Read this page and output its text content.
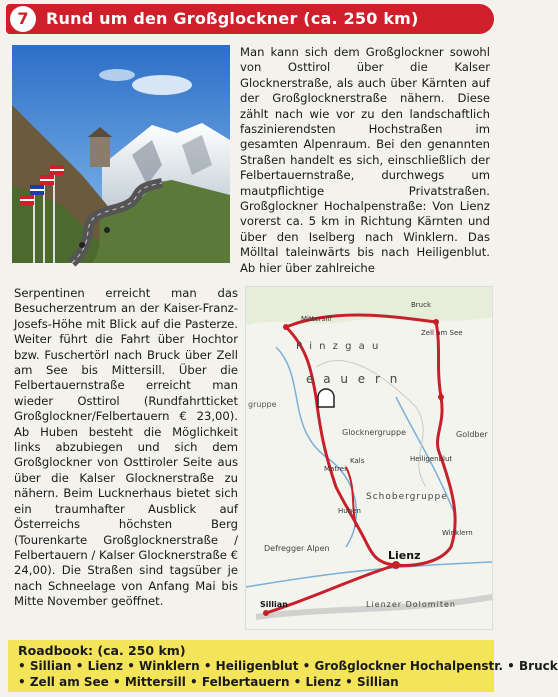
7	Rund um den Großglockner (ca. 250 km)
Man kann sich dem Großglockner sowohl von Osttirol über die Kalser Glocknerstraße, als auch über Kärnten auf der Großglocknerstraße nähern. Diese zählt nach wie vor zu den landschaftlich faszinierendsten Hochstraßen im gesamten Alpenraum. Bei den genannten Straßen handelt es sich, einschließlich der Felbertauernstraße, durchwegs um mautpflichtige Privatstraßen. Großglockner Hochalpenstraße: Von Lienz vorerst ca. 5 km in Richtung Kärnten und über den Iselberg nach Winklern. Das Mölltal taleinwärts bis nach Heiligenblut. Ab hier über zahlreiche
Serpentinen erreicht man das Besucherzentrum an der Kaiser-Franz-Josefs-Höhe mit Blick auf die Pasterze. Weiter führt die Fahrt über Hochtor bzw. Fuschertörl nach Bruck über Zell am See bis Mittersill. Über die Felbertauernstraße erreicht man wieder Osttirol (Rundfahrtticket Großglockner/Felbertauern € 23,00). Ab Huben besteht die Möglichkeit links abzubiegen und sich dem Großglockner von Osttiroler Seite aus über die Kalser Glocknerstraße zu nähern. Beim Lucknerhaus bietet sich ein traumhafter Ausblick auf Österreichs höchsten Berg (Tourenkarte Großglocknerstraße / Felbertauern / Kalser Glocknerstraße € 24,00). Die Straßen sind tagsüber je nach Schneelage von Anfang Mai bis Mitte November geöffnet.
Mittersill
Bruck
Zell am See
P i n z g a u
e a u e r n
gruppe
Glocknergruppe	Goldber
Heiligenblut
Matrei
Kals
Huben
Schobergruppe
Winklern
Defregger Alpen
Lienz
Sillian	Lienzer Dolomiten
Roadbook: (ca. 250 km)
• Sillian • Lienz • Winklern • Heiligenblut • Großglockner Hochalpenstr. • Bruck
• Zell am See • Mittersill • Felbertauern • Lienz • Sillian
